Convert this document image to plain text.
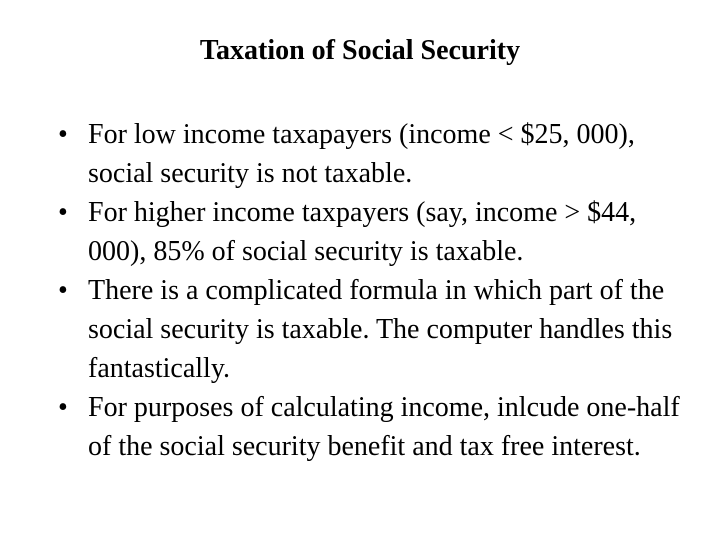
Taxation of Social Security
• For low income taxapayers (income < $25, 000), social security is not taxable.
• For higher income taxpayers (say, income > $44, 000), 85% of social security is taxable.
• There is a complicated formula in which part of the social security is taxable. The computer handles this fantastically.
• For purposes of calculating income, inlcude one-half of the social security benefit and tax free interest.
